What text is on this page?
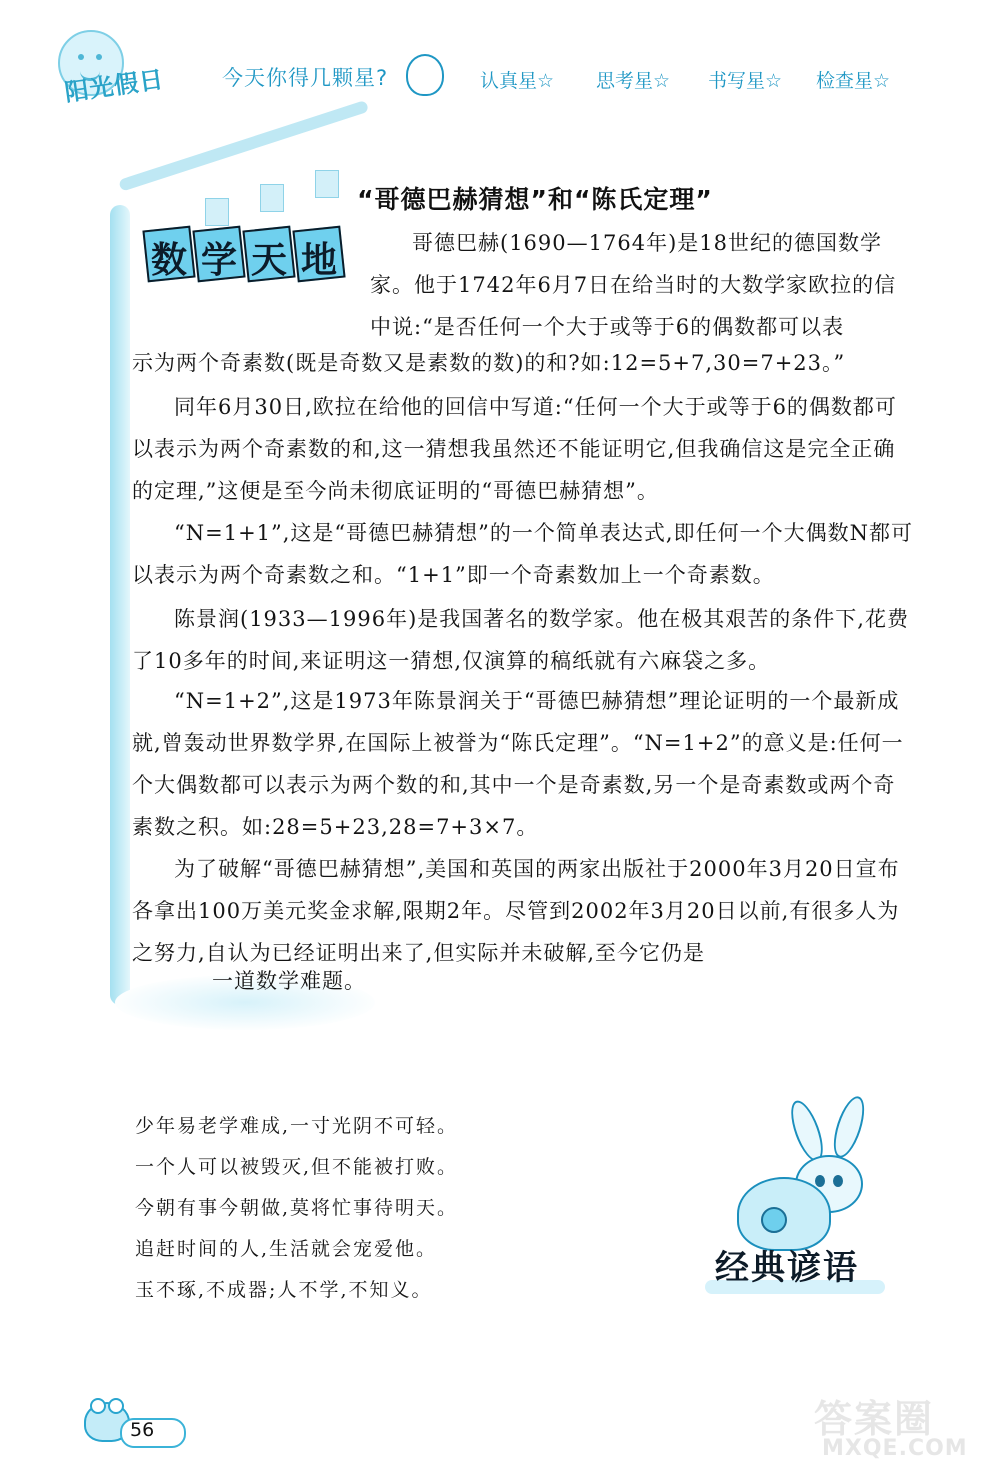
阳光假日	今天你得几颗星?	认真星☆ 思考星☆ 书写星☆ 检查星☆
数学天地
“哥德巴赫猜想”和“陈氏定理”
哥德巴赫(1690—1764年)是18世纪的德国数学家。他于1742年6月7日在给当时的大数学家欧拉的信中说:“是否任何一个大于或等于6的偶数都可以表
示为两个奇素数(既是奇数又是素数的数)的和?如:12=5+7,30=7+23。”
同年6月30日,欧拉在给他的回信中写道:“任何一个大于或等于6的偶数都可以表示为两个奇素数的和,这一猜想我虽然还不能证明它,但我确信这是完全正确的定理,”这便是至今尚未彻底证明的“哥德巴赫猜想”。
“N=1+1”,这是“哥德巴赫猜想”的一个简单表达式,即任何一个大偶数N都可以表示为两个奇素数之和。“1+1”即一个奇素数加上一个奇素数。
陈景润(1933—1996年)是我国著名的数学家。他在极其艰苦的条件下,花费了10多年的时间,来证明这一猜想,仅演算的稿纸就有六麻袋之多。
“N=1+2”,这是1973年陈景润关于“哥德巴赫猜想”理论证明的一个最新成就,曾轰动世界数学界,在国际上被誉为“陈氏定理”。“N=1+2”的意义是:任何一个大偶数都可以表示为两个数的和,其中一个是奇素数,另一个是奇素数或两个奇素数之积。如:28=5+23,28=7+3×7。
为了破解“哥德巴赫猜想”,美国和英国的两家出版社于2000年3月20日宣布各拿出100万美元奖金求解,限期2年。尽管到2002年3月20日以前,有很多人为之努力,自认为已经证明出来了,但实际并未破解,至今它仍是
一道数学难题。
少年易老学难成,一寸光阴不可轻。
一个人可以被毁灭,但不能被打败。
今朝有事今朝做,莫将忙事待明天。
追赶时间的人,生活就会宠爱他。
玉不琢,不成器;人不学,不知义。
经典谚语
56	答案圈
MXQE.COM
